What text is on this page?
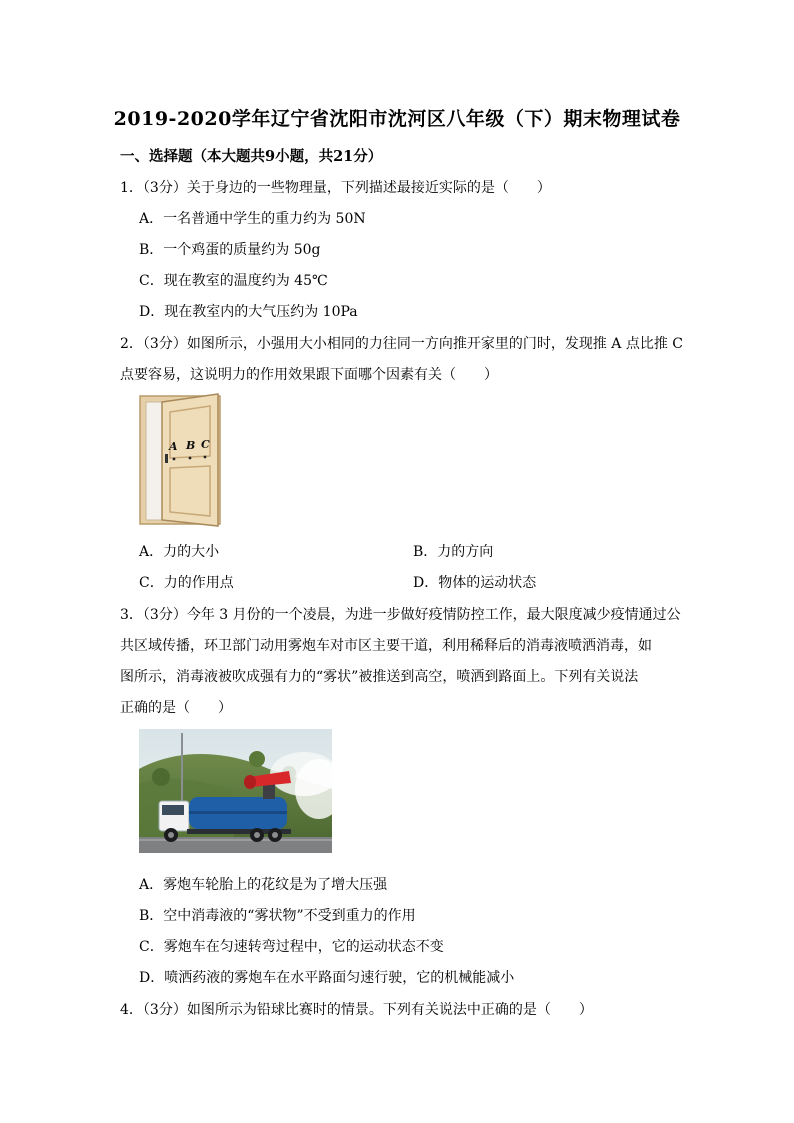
2019-2020学年辽宁省沈阳市沈河区八年级（下）期末物理试卷
一、选择题（本大题共9小题，共21分）
1．（3分）关于身边的一些物理量，下列描述最接近实际的是（　　）
A．一名普通中学生的重力约为 50N
B．一个鸡蛋的质量约为 50g
C．现在教室的温度约为 45℃
D．现在教室内的大气压约为 10Pa
2．（3分）如图所示，小强用大小相同的力往同一方向推开家里的门时，发现推 A 点比推 C
点要容易，这说明力的作用效果跟下面哪个因素有关（　　）
A B C
A．力的大小	B．力的方向
C．力的作用点	D．物体的运动状态
3．（3分）今年 3 月份的一个凌晨，为进一步做好疫情防控工作，最大限度减少疫情通过公
共区域传播，环卫部门动用雾炮车对市区主要干道，利用稀释后的消毒液喷洒消毒，如
图所示，消毒液被吹成强有力的“雾状”被推送到高空，喷洒到路面上。下列有关说法
正确的是（　　）
A．雾炮车轮胎上的花纹是为了增大压强
B．空中消毒液的“雾状物”不受到重力的作用
C．雾炮车在匀速转弯过程中，它的运动状态不变
D．喷洒药液的雾炮车在水平路面匀速行驶，它的机械能减小
4．（3分）如图所示为铅球比赛时的情景。下列有关说法中正确的是（　　）
